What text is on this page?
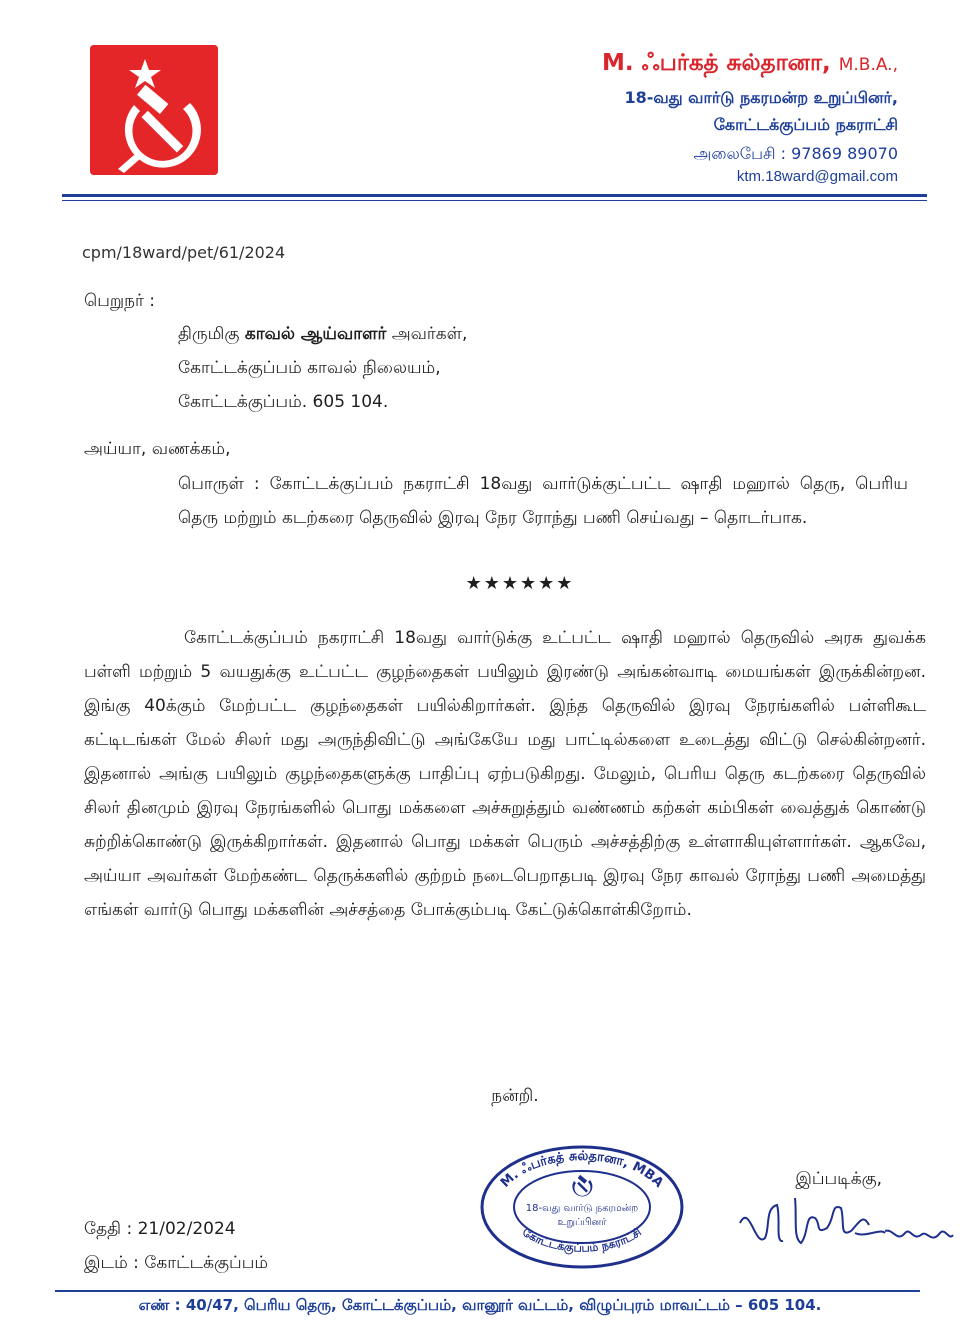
M. ஃபர்கத் சுல்தானா, M.B.A.,
18-வது வார்டு நகரமன்ற உறுப்பினர்,
கோட்டக்குப்பம் நகராட்சி
அலைபேசி : 97869 89070
ktm.18ward@gmail.com
cpm/18ward/pet/61/2024
பெறுநர் :
திருமிகு காவல் ஆய்வாளர் அவர்கள்,
கோட்டக்குப்பம் காவல் நிலையம்,
கோட்டக்குப்பம். 605 104.
அய்யா, வணக்கம்,
பொருள் : கோட்டக்குப்பம் நகராட்சி 18வது வார்டுக்குட்பட்ட ஷாதி மஹால் தெரு, பெரிய தெரு மற்றும் கடற்கரை தெருவில் இரவு நேர ரோந்து பணி செய்வது – தொடர்பாக.
★★★★★★
கோட்டக்குப்பம் நகராட்சி 18வது வார்டுக்கு உட்பட்ட ஷாதி மஹால் தெருவில் அரசு துவக்க பள்ளி மற்றும் 5 வயதுக்கு உட்பட்ட குழந்தைகள் பயிலும் இரண்டு அங்கன்வாடி மையங்கள் இருக்கின்றன. இங்கு 40க்கும் மேற்பட்ட குழந்தைகள் பயில்கிறார்கள். இந்த தெருவில் இரவு நேரங்களில் பள்ளிகூட கட்டிடங்கள் மேல் சிலர் மது அருந்திவிட்டு அங்கேயே மது பாட்டில்களை உடைத்து விட்டு செல்கின்றனர். இதனால் அங்கு பயிலும் குழந்தைகளுக்கு பாதிப்பு ஏற்படுகிறது. மேலும், பெரிய தெரு கடற்கரை தெருவில் சிலர் தினமும் இரவு நேரங்களில் பொது மக்களை அச்சுறுத்தும் வண்ணம் கற்கள் கம்பிகள் வைத்துக் கொண்டு சுற்றிக்கொண்டு இருக்கிறார்கள். இதனால் பொது மக்கள் பெரும் அச்சத்திற்கு உள்ளாகியுள்ளார்கள். ஆகவே, அய்யா அவர்கள் மேற்கண்ட தெருக்களில் குற்றம் நடைபெறாதபடி இரவு நேர காவல் ரோந்து பணி அமைத்து எங்கள் வார்டு பொது மக்களின் அச்சத்தை போக்கும்படி கேட்டுக்கொள்கிறோம்.
நன்றி.
இப்படிக்கு,
தேதி : 21/02/2024
இடம் : கோட்டக்குப்பம்
M. ஃபர்கத் சுல்தானா, MBA
கோட்டக்குப்பம் நகராட்சி
18-வது வார்டு நகரமன்ற
உறுப்பினர்
எண் : 40/47, பெரிய தெரு, கோட்டக்குப்பம், வானூர் வட்டம், விழுப்புரம் மாவட்டம் – 605 104.
